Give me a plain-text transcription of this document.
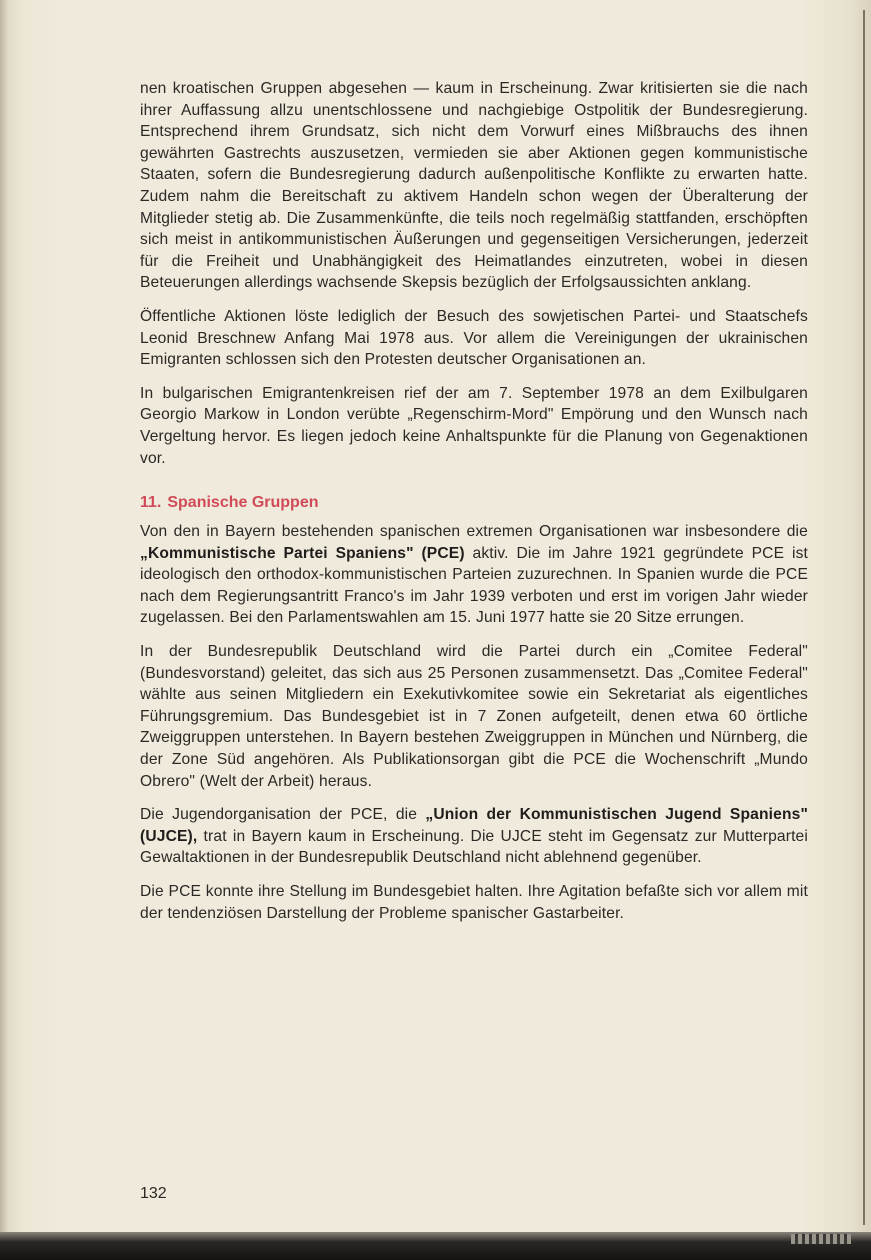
nen kroatischen Gruppen abgesehen — kaum in Erscheinung. Zwar kritisierten sie die nach ihrer Auffassung allzu unentschlossene und nachgiebige Ostpolitik der Bundesregierung. Entsprechend ihrem Grundsatz, sich nicht dem Vorwurf eines Mißbrauchs des ihnen gewährten Gastrechts auszusetzen, vermieden sie aber Aktionen gegen kommunistische Staaten, sofern die Bundesregierung dadurch außenpolitische Konflikte zu erwarten hatte. Zudem nahm die Bereitschaft zu aktivem Handeln schon wegen der Überalterung der Mitglieder stetig ab. Die Zusammenkünfte, die teils noch regelmäßig stattfanden, erschöpften sich meist in antikommunistischen Äußerungen und gegenseitigen Versicherungen, jederzeit für die Freiheit und Unabhängigkeit des Heimatlandes einzutreten, wobei in diesen Beteuerungen allerdings wachsende Skepsis bezüglich der Erfolgsaussichten anklang.

Öffentliche Aktionen löste lediglich der Besuch des sowjetischen Partei- und Staatschefs Leonid Breschnew Anfang Mai 1978 aus. Vor allem die Vereinigungen der ukrainischen Emigranten schlossen sich den Protesten deutscher Organisationen an.

In bulgarischen Emigrantenkreisen rief der am 7. September 1978 an dem Exilbulgaren Georgio Markow in London verübte „Regenschirm-Mord" Empörung und den Wunsch nach Vergeltung hervor. Es liegen jedoch keine Anhaltspunkte für die Planung von Gegenaktionen vor.

11. Spanische Gruppen

Von den in Bayern bestehenden spanischen extremen Organisationen war insbesondere die „Kommunistische Partei Spaniens" (PCE) aktiv. Die im Jahre 1921 gegründete PCE ist ideologisch den orthodox-kommunistischen Parteien zuzurechnen. In Spanien wurde die PCE nach dem Regierungsantritt Franco's im Jahr 1939 verboten und erst im vorigen Jahr wieder zugelassen. Bei den Parlamentswahlen am 15. Juni 1977 hatte sie 20 Sitze errungen.

In der Bundesrepublik Deutschland wird die Partei durch ein „Comitee Federal" (Bundesvorstand) geleitet, das sich aus 25 Personen zusammensetzt. Das „Comitee Federal" wählte aus seinen Mitgliedern ein Exekutivkomitee sowie ein Sekretariat als eigentliches Führungsgremium. Das Bundesgebiet ist in 7 Zonen aufgeteilt, denen etwa 60 örtliche Zweiggruppen unterstehen. In Bayern bestehen Zweiggruppen in München und Nürnberg, die der Zone Süd angehören. Als Publikationsorgan gibt die PCE die Wochenschrift „Mundo Obrero" (Welt der Arbeit) heraus.

Die Jugendorganisation der PCE, die „Union der Kommunistischen Jugend Spaniens" (UJCE), trat in Bayern kaum in Erscheinung. Die UJCE steht im Gegensatz zur Mutterpartei Gewaltaktionen in der Bundesrepublik Deutschland nicht ablehnend gegenüber.

Die PCE konnte ihre Stellung im Bundesgebiet halten. Ihre Agitation befaßte sich vor allem mit der tendenziösen Darstellung der Probleme spanischer Gastarbeiter.

132
